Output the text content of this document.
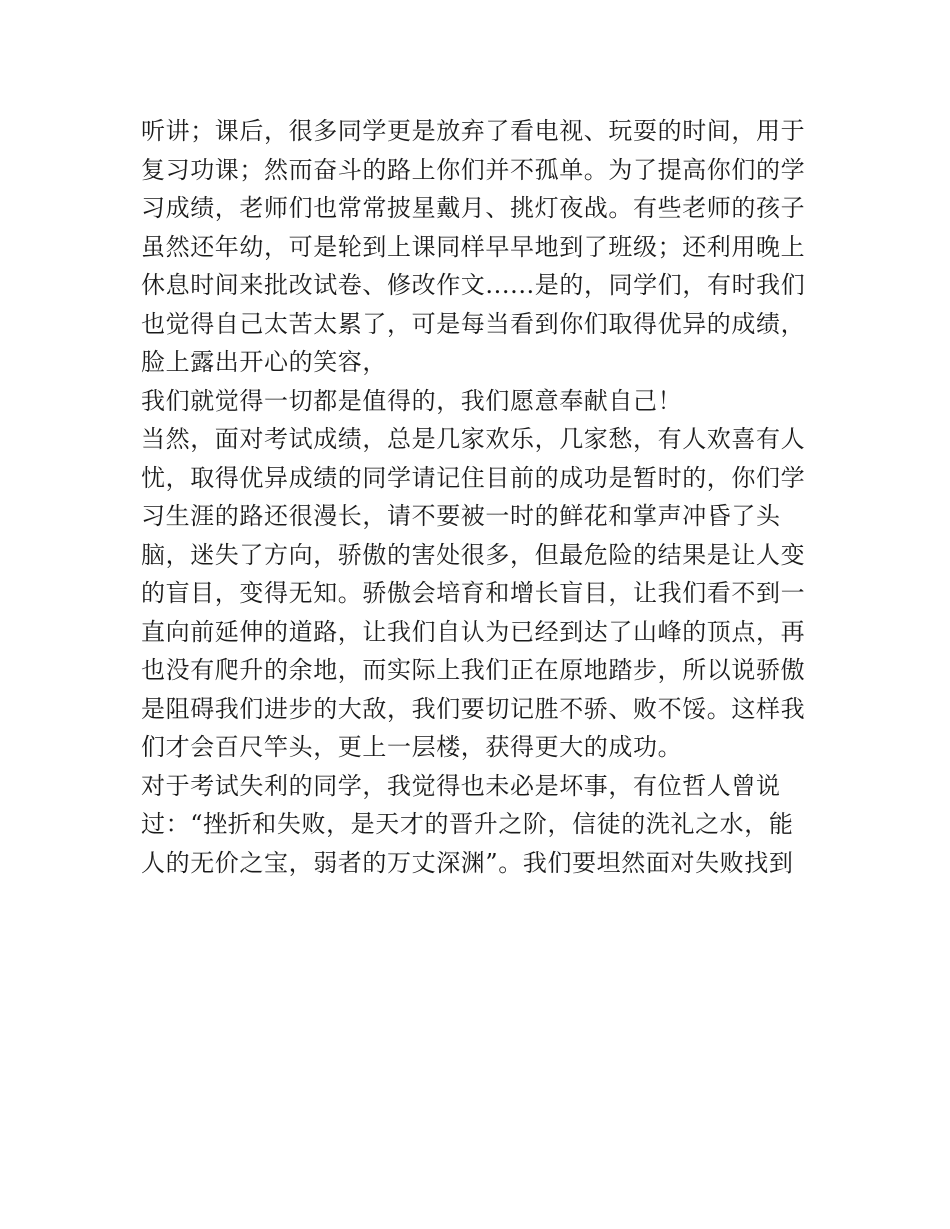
听讲；课后，很多同学更是放弃了看电视、玩耍的时间，用于
复习功课；然而奋斗的路上你们并不孤单。为了提高你们的学
习成绩，老师们也常常披星戴月、挑灯夜战。有些老师的孩子
虽然还年幼，可是轮到上课同样早早地到了班级；还利用晚上
休息时间来批改试卷、修改作文......是的，同学们，有时我们
也觉得自己太苦太累了，可是每当看到你们取得优异的成绩，
脸上露出开心的笑容，
我们就觉得一切都是值得的，我们愿意奉献自己！
当然，面对考试成绩，总是几家欢乐，几家愁，有人欢喜有人
忧，取得优异成绩的同学请记住目前的成功是暂时的，你们学
习生涯的路还很漫长，请不要被一时的鲜花和掌声冲昏了头
脑，迷失了方向，骄傲的害处很多，但最危险的结果是让人变
的盲目，变得无知。骄傲会培育和增长盲目，让我们看不到一
直向前延伸的道路，让我们自认为已经到达了山峰的顶点，再
也没有爬升的余地，而实际上我们正在原地踏步，所以说骄傲
是阻碍我们进步的大敌，我们要切记胜不骄、败不馁。这样我
们才会百尺竿头，更上一层楼，获得更大的成功。
对于考试失利的同学，我觉得也未必是坏事，有位哲人曾说
过：“挫折和失败，是天才的晋升之阶，信徒的洗礼之水，能
人的无价之宝，弱者的万丈深渊”。我们要坦然面对失败找到
